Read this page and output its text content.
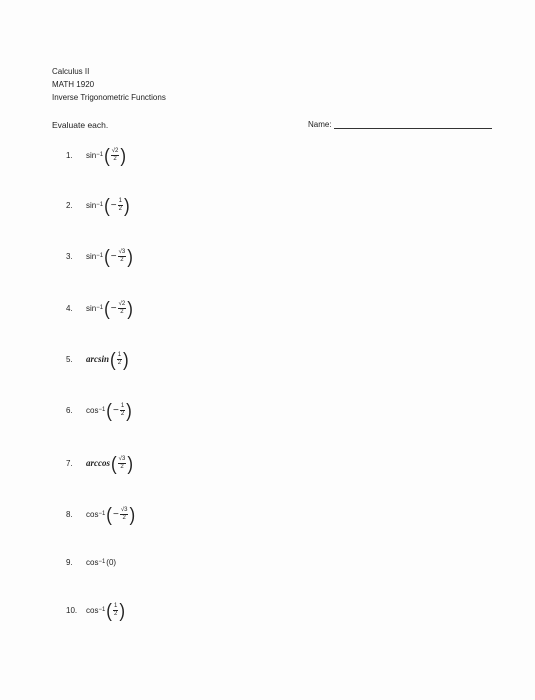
Calculus II
MATH 1920
Inverse Trigonometric Functions
Evaluate each.	Name:
1.	sin −1 ( $\frac{√2}{2}$ )
2.	sin −1 ( − $\frac{1}{2}$ )
3.	sin −1 ( − $\frac{√3}{2}$ )
4.	sin −1 ( − $\frac{√2}{2}$ )
5.	arcsin ( $\frac{1}{2}$ )
6.	cos −1 ( − $\frac{1}{2}$ )
7.	arccos ( $\frac{√3}{2}$ )
8.	cos −1 ( − $\frac{√3}{2}$ )
9.	cos −1 (0)
10.	cos −1 ( $\frac{1}{2}$ )
